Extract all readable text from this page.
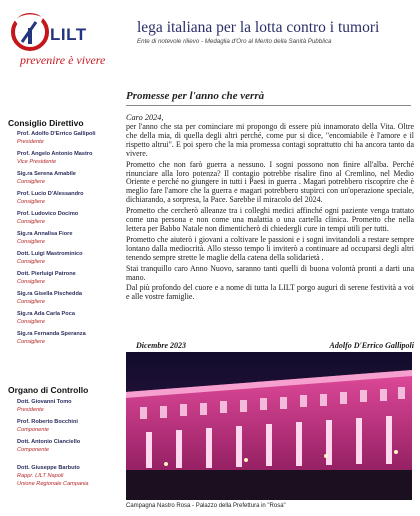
LILT
prevenire è vivere
lega italiana per la lotta contro i tumori
Ente di notevole rilievo - Medaglia d'Oro al Merito della Sanità Pubblica
Consiglio Direttivo
Prof. Adolfo D'Errico Gallipoli
Presidente
Prof. Angelo Antonio Mastro
Vice Presidente
Sig.ra Serena Amabile
Consigliere
Prof. Lucio D'Alessandro
Consigliere
Prof. Ludovico Docimo
Consigliere
Sig.ra Annalisa Fiore
Consigliere
Dott. Luigi Mastrominico
Consigliere
Dott. Pierluigi Patrone
Consigliere
Sig.ra Gisella Pischedda
Consigliere
Sig.ra Ada Carla Poca
Consigliere
Sig.ra Fernanda Speranza
Consigliere
Organo di Controllo
Dott. Giovanni Tomo
Presidente
Prof. Roberto Bocchini
Componente
Dott. Antonio Cianciello
Componente
Dott. Giuseppe Barbuto
Rappr. LILT Napoli
Unione Regionale Campania
Promesse per l'anno che verrà

Caro 2024,

per l'anno che sta per cominciare mi propongo di essere più innamorato della Vita. Oltre che della mia, di quella degli altri perché, come pur si dice, "encomiabile è l'amore e il rispetto altrui". E poi spero che la mia promessa contagi soprattutto chi ha ancora tanto da vivere.

Prometto che non farò guerra a nessuno. I sogni possono non finire all'alba. Perché rinunciare alla loro potenza? Il contagio potrebbe risalire fino al Cremlino, nel Medio Oriente e perché no giungere in tutti i Paesi in guerra . Magari potrebbero riscoprire che è meglio fare l'amore che la guerra e magari potrebbero stupirci con un'operazione speciale, dichiarando, a sorpresa, la Pace. Sarebbe il miracolo del 2024.

Prometto che cercherò alleanze tra i colleghi medici affinché ogni paziente venga trattato come una persona e non come una malattia o una cartella clinica. Prometto che nella lettera per Babbo Natale non dimenticherò di chiedergli cure in tempi utili per tutti.

Prometto che aiuterò i giovani a coltivare le passioni e i sogni invitandoli a restare sempre lontano dalla mediocrità. Allo stesso tempo li inviterò a continuare ad occuparsi degli altri tenendo sempre strette le maglie della catena della solidarietà .

Stai tranquillo caro Anno Nuovo, saranno tanti quelli di buona volontà pronti a darti una mano.

Dal più profondo del cuore e a nome di tutta la LILT porgo auguri di serene festività a voi e alle vostre famiglie.

Dicembre 2023	Adolfo D'Errico Gallipoli
Campagna Nastro Rosa - Palazzo della Prefettura in "Rosa"
